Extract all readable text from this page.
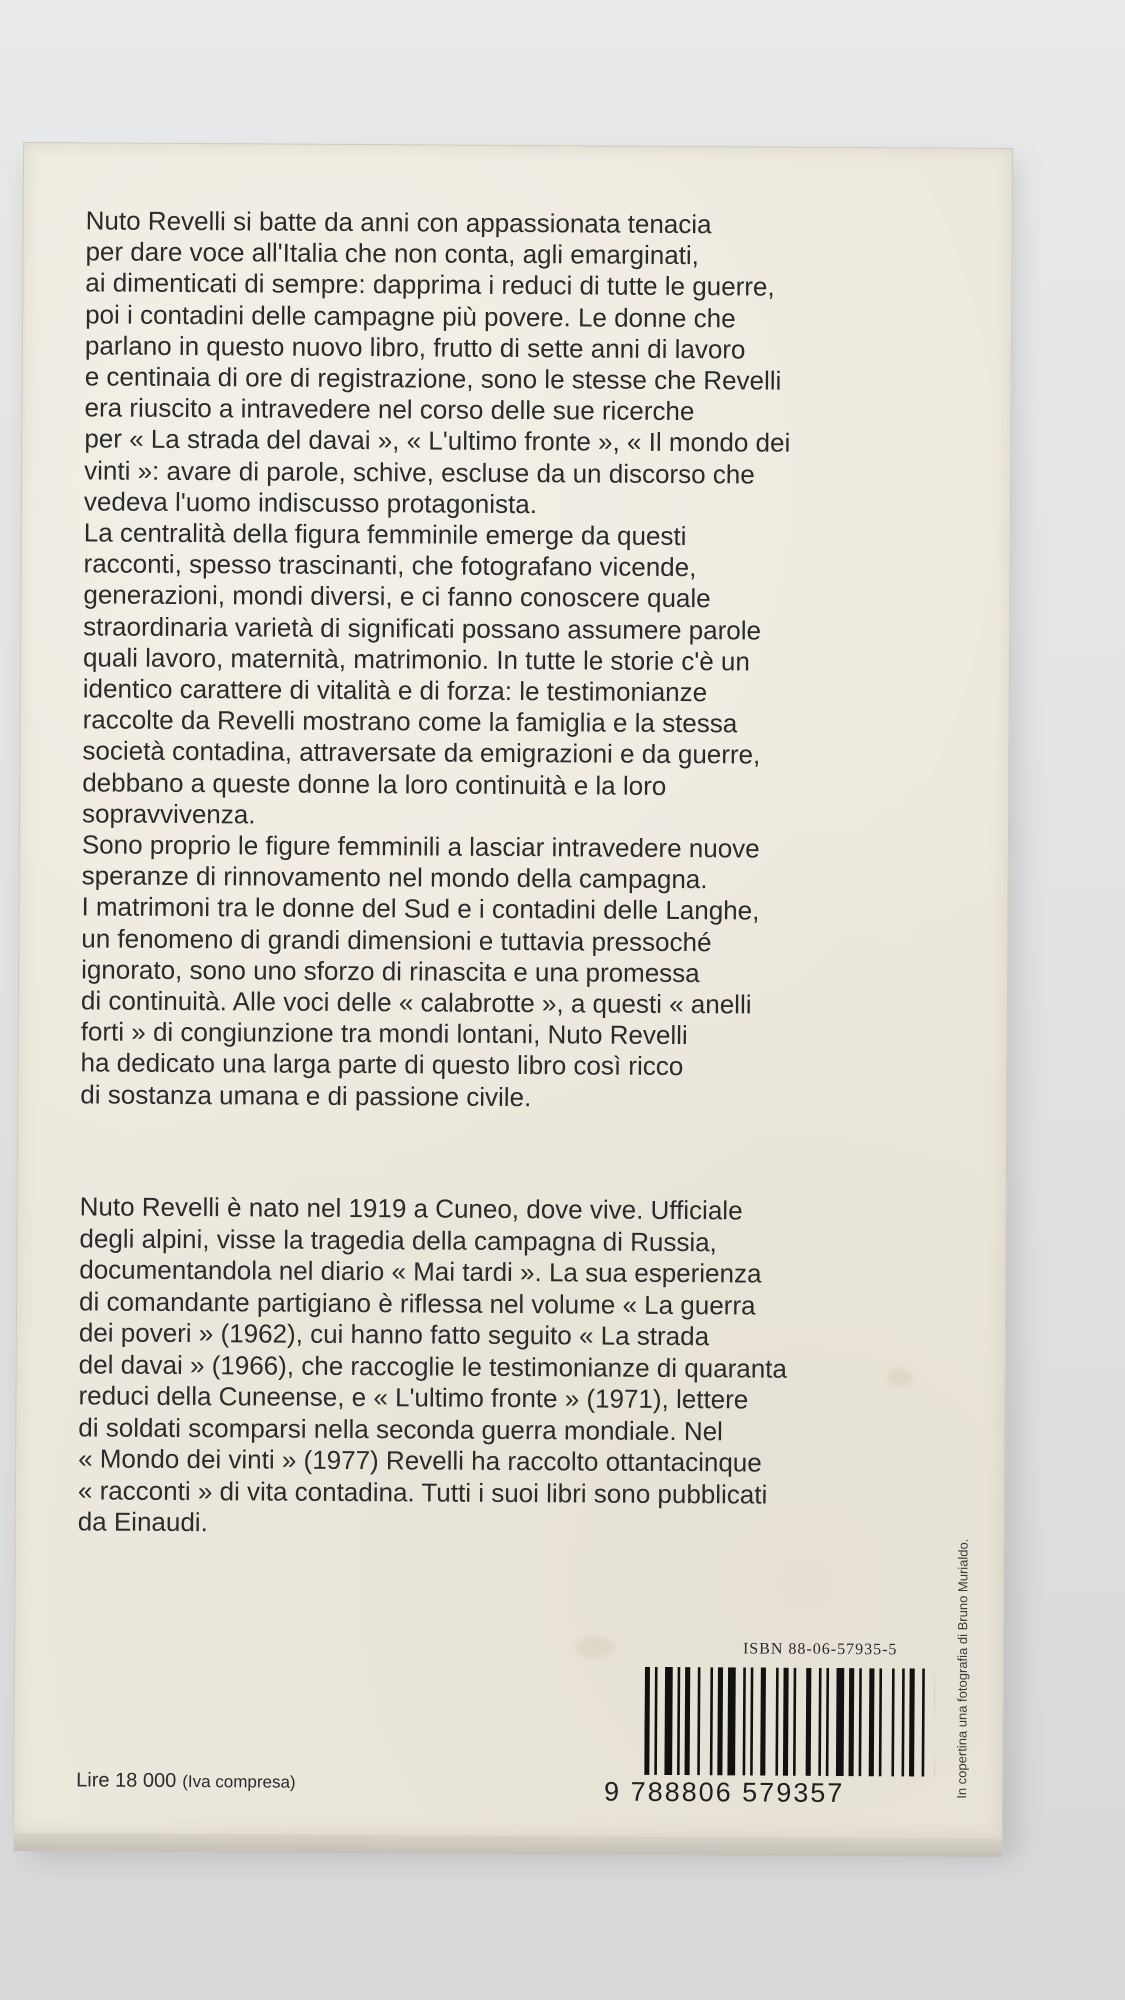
Nuto Revelli si batte da anni con appassionata tenacia
per dare voce all'Italia che non conta, agli emarginati,
ai dimenticati di sempre: dapprima i reduci di tutte le guerre,
poi i contadini delle campagne più povere. Le donne che
parlano in questo nuovo libro, frutto di sette anni di lavoro
e centinaia di ore di registrazione, sono le stesse che Revelli
era riuscito a intravedere nel corso delle sue ricerche
per « La strada del davai », « L'ultimo fronte », « Il mondo dei
vinti »: avare di parole, schive, escluse da un discorso che
vedeva l'uomo indiscusso protagonista.
La centralità della figura femminile emerge da questi
racconti, spesso trascinanti, che fotografano vicende,
generazioni, mondi diversi, e ci fanno conoscere quale
straordinaria varietà di significati possano assumere parole
quali lavoro, maternità, matrimonio. In tutte le storie c'è un
identico carattere di vitalità e di forza: le testimonianze
raccolte da Revelli mostrano come la famiglia e la stessa
società contadina, attraversate da emigrazioni e da guerre,
debbano a queste donne la loro continuità e la loro
sopravvivenza.
Sono proprio le figure femminili a lasciar intravedere nuove
speranze di rinnovamento nel mondo della campagna.
I matrimoni tra le donne del Sud e i contadini delle Langhe,
un fenomeno di grandi dimensioni e tuttavia pressoché
ignorato, sono uno sforzo di rinascita e una promessa
di continuità. Alle voci delle « calabrotte », a questi « anelli
forti » di congiunzione tra mondi lontani, Nuto Revelli
ha dedicato una larga parte di questo libro così ricco
di sostanza umana e di passione civile.
Nuto Revelli è nato nel 1919 a Cuneo, dove vive. Ufficiale
degli alpini, visse la tragedia della campagna di Russia,
documentandola nel diario « Mai tardi ». La sua esperienza
di comandante partigiano è riflessa nel volume « La guerra
dei poveri » (1962), cui hanno fatto seguito « La strada
del davai » (1966), che raccoglie le testimonianze di quaranta
reduci della Cuneense, e « L'ultimo fronte » (1971), lettere
di soldati scomparsi nella seconda guerra mondiale. Nel
« Mondo dei vinti » (1977) Revelli ha raccolto ottantacinque
« racconti » di vita contadina. Tutti i suoi libri sono pubblicati
da Einaudi.
ISBN 88-06-57935-5
9 788806 579357
Lire 18 000 (Iva compresa)	In copertina una fotografia di Bruno Murialdo.
